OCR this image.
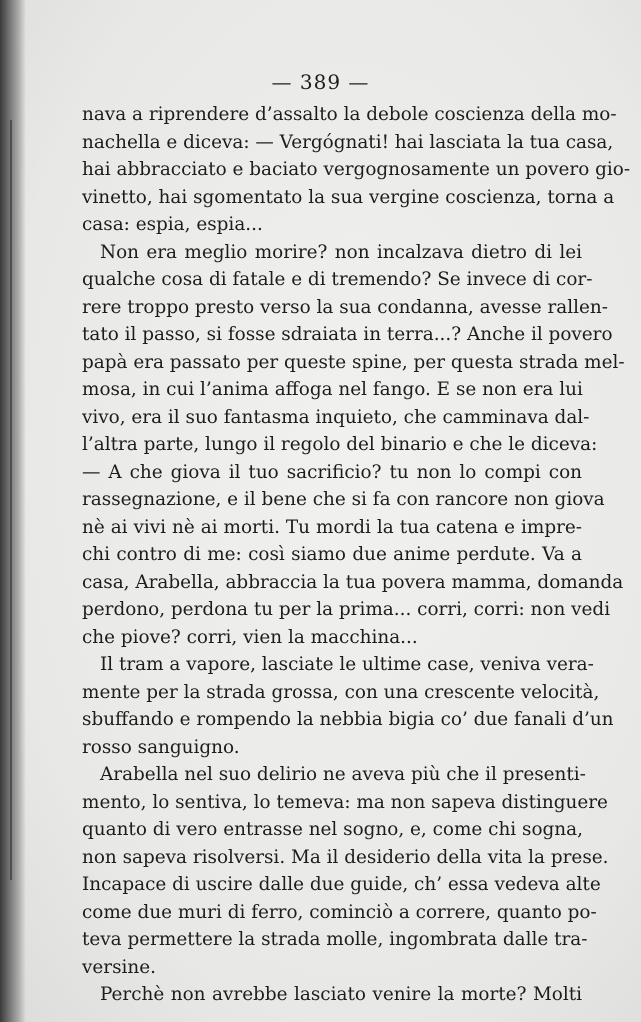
— 389 —
nava a riprendere d’assalto la debole coscienza della mo-
nachella e diceva: — Vergógnati! hai lasciata la tua casa,
hai abbracciato e baciato vergognosamente un povero gio-
vinetto, hai sgomentato la sua vergine coscienza, torna a
casa: espia, espia...
Non era meglio morire? non incalzava dietro di lei
qualche cosa di fatale e di tremendo? Se invece di cor-
rere troppo presto verso la sua condanna, avesse rallen-
tato il passo, si fosse sdraiata in terra...? Anche il povero
papà era passato per queste spine, per questa strada mel-
mosa, in cui l’anima affoga nel fango. E se non era lui
vivo, era il suo fantasma inquieto, che camminava dal-
l’altra parte, lungo il regolo del binario e che le diceva:
— A che giova il tuo sacrificio? tu non lo compi con
rassegnazione, e il bene che si fa con rancore non giova
nè ai vivi nè ai morti. Tu mordi la tua catena e impre-
chi contro di me: così siamo due anime perdute. Va a
casa, Arabella, abbraccia la tua povera mamma, domanda
perdono, perdona tu per la prima... corri, corri: non vedi
che piove? corri, vien la macchina...
Il tram a vapore, lasciate le ultime case, veniva vera-
mente per la strada grossa, con una crescente velocità,
sbuffando e rompendo la nebbia bigia co’ due fanali d’un
rosso sanguigno.
Arabella nel suo delirio ne aveva più che il presenti-
mento, lo sentiva, lo temeva: ma non sapeva distinguere
quanto di vero entrasse nel sogno, e, come chi sogna,
non sapeva risolversi. Ma il desiderio della vita la prese.
Incapace di uscire dalle due guide, ch’ essa vedeva alte
come due muri di ferro, cominciò a correre, quanto po-
teva permettere la strada molle, ingombrata dalle tra-
versine.
Perchè non avrebbe lasciato venire la morte? Molti
